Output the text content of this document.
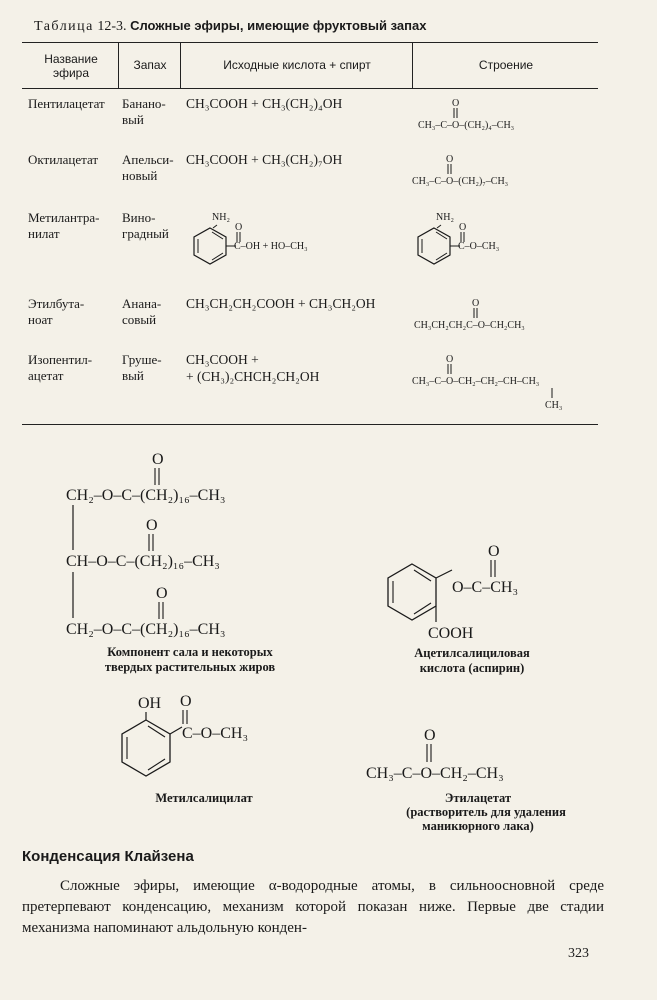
Таблица 12-3. Сложные эфиры, имеющие фруктовый запах
Название эфира
Запах	Исходные кислота + спирт	Строение
Пентилацетат Банано-
вый
CH₃COOH + CH₃(CH₂)₄OH
Октилацетат Апельси-
новый
CH₃COOH + CH₃(CH₂)₇OH
Метилантра-
нилат
Вино-
градный
Этилбута-
ноат
Анана-
совый
CH₃CH₂CH₂COOH + CH₃CH₂OH
Изопентил-
ацетат
Груше-
вый
CH₃COOH +
+ (CH₃)₂CHCH₂CH₂OH
O
CH₃–C–O–(CH₂)₄–CH₃
O
CH₃–C–O–(CH₂)₇–CH₃
NH₂
O
C–OH + HO–CH₃
NH₂
O
C–O–CH₃
O
CH₃CH₂CH₂C–O–CH₂CH₃
O
CH₃–C–O–CH₂–CH₂–CH–CH₃
CH₃
CH₂–O–C–(CH₂)₁₆–CH₃
CH–O–C–(CH₂)₁₆–CH₃
CH₂–O–C–(CH₂)₁₆–CH₃
O
O
O
Компонент сала и некоторых
твердых растительных жиров
O–C–CH₃
O
COOH
Ацетилсалициловая
кислота (аспирин)
OH
C–O–CH₃
O
Метилсалицилат
O
CH₃–C–O–CH₂–CH₃
Этилацетат
(растворитель для удаления
маникюрного лака)
Конденсация Клайзена

Сложные эфиры, имеющие α-водородные атомы, в сильноосновной среде претерпевают конденсацию, механизм которой показан ниже. Первые две стадии механизма напоминают альдольную конден-

323
